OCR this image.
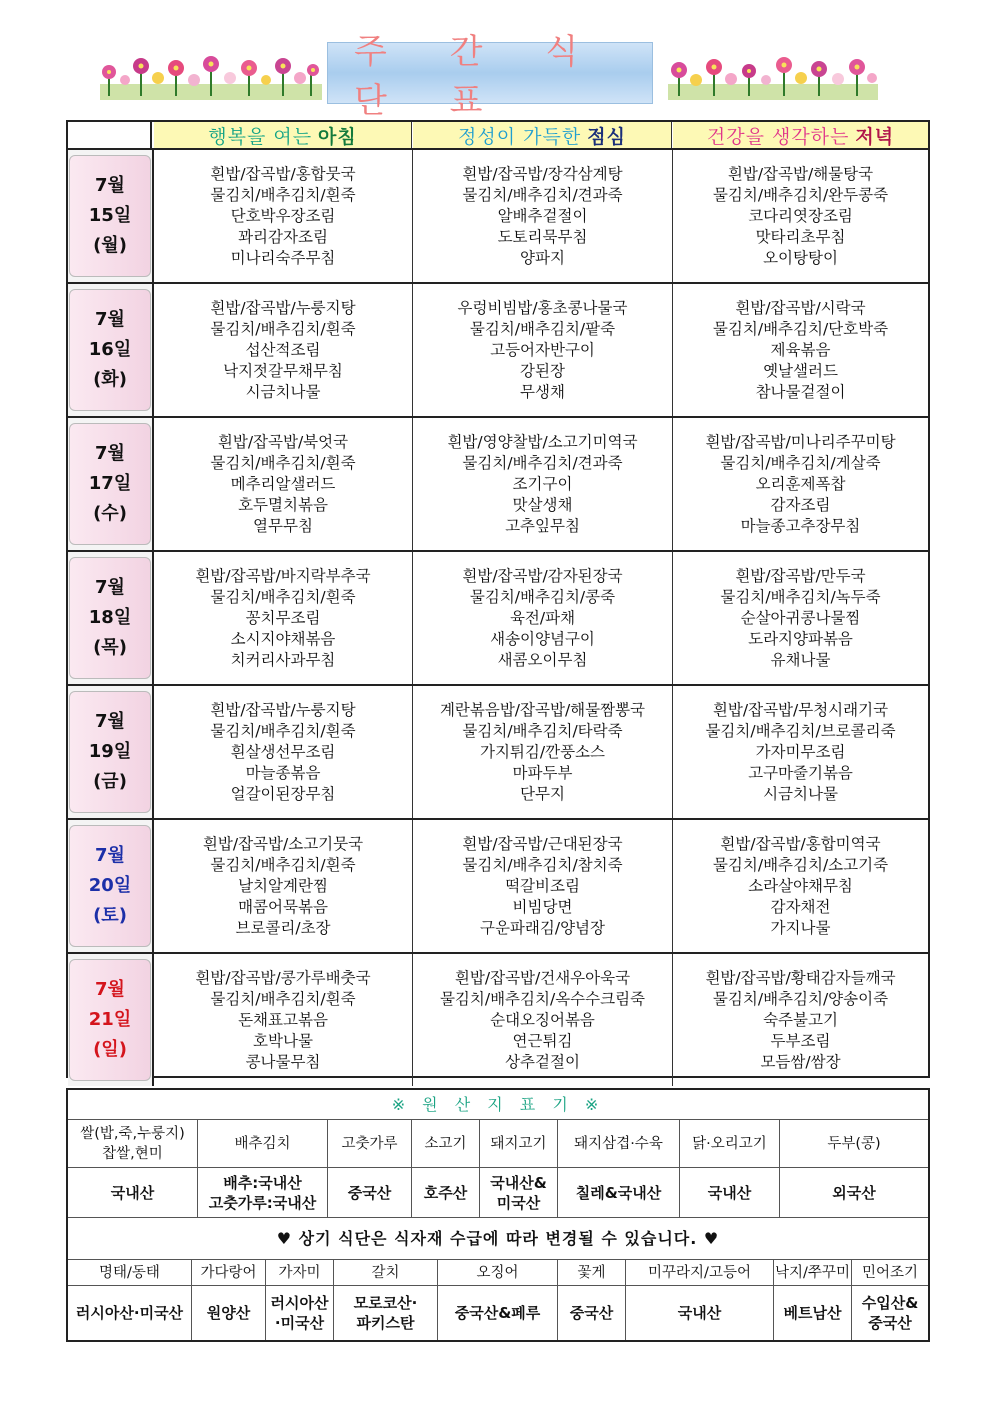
주 간 식 단 표
행복을 여는 아침	정성이 가득한 점심	건강을 생각하는 저녁
7월
15일
(월)
흰밥/잡곡밥/홍합뭇국
물김치/배추김치/흰죽
단호박우장조림
꽈리감자조림
미나리숙주무침
흰밥/잡곡밥/장각삼계탕
물김치/배추김치/견과죽
알배추겉절이
도토리묵무침
양파지
흰밥/잡곡밥/해물탕국
물김치/배추김치/완두콩죽
코다리엿장조림
맛타리초무침
오이탕탕이
7월
16일
(화)
흰밥/잡곡밥/누룽지탕
물김치/배추김치/흰죽
섭산적조림
낙지젓갈무채무침
시금치나물
우렁비빔밥/홍초콩나물국
물김치/배추김치/팥죽
고등어자반구이
강된장
무생채
흰밥/잡곡밥/시락국
물김치/배추김치/단호박죽
제육볶음
옛날샐러드
참나물겉절이
7월
17일
(수)
흰밥/잡곡밥/북엇국
물김치/배추김치/흰죽
메추리알샐러드
호두멸치볶음
열무무침
흰밥/영양찰밥/소고기미역국
물김치/배추김치/견과죽
조기구이
맛살생채
고추잎무침
흰밥/잡곡밥/미나리주꾸미탕
물김치/배추김치/게살죽
오리훈제폭찹
감자조림
마늘종고추장무침
7월
18일
(목)
흰밥/잡곡밥/바지락부추국
물김치/배추김치/흰죽
꽁치무조림
소시지야채볶음
치커리사과무침
흰밥/잡곡밥/감자된장국
물김치/배추김치/콩죽
육전/파채
새송이양념구이
새콤오이무침
흰밥/잡곡밥/만두국
물김치/배추김치/녹두죽
순살아귀콩나물찜
도라지양파볶음
유채나물
7월
19일
(금)
흰밥/잡곡밥/누룽지탕
물김치/배추김치/흰죽
흰살생선무조림
마늘종볶음
얼갈이된장무침
계란볶음밥/잡곡밥/해물짬뽕국
물김치/배추김치/타락죽
가지튀김/깐풍소스
마파두부
단무지
흰밥/잡곡밥/무청시래기국
물김치/배추김치/브로콜리죽
가자미무조림
고구마줄기볶음
시금치나물
7월
20일
(토)
흰밥/잡곡밥/소고기뭇국
물김치/배추김치/흰죽
날치알계란찜
매콤어묵볶음
브로콜리/초장
흰밥/잡곡밥/근대된장국
물김치/배추김치/참치죽
떡갈비조림
비빔당면
구운파래김/양념장
흰밥/잡곡밥/홍합미역국
물김치/배추김치/소고기죽
소라살야채무침
감자채전
가지나물
7월
21일
(일)
흰밥/잡곡밥/콩가루배춧국
물김치/배추김치/흰죽
돈채표고볶음
호박나물
콩나물무침
흰밥/잡곡밥/건새우아욱국
물김치/배추김치/옥수수크림죽
순대오징어볶음
연근튀김
상추겉절이
흰밥/잡곡밥/황태감자들깨국
물김치/배추김치/양송이죽
숙주불고기
두부조림
모듬쌈/쌈장
※ 원 산 지 표 기 ※
쌀(밥,죽,누룽지)
찹쌀,현미
국내산
배추김치
배추:국내산
고춧가루:국내산
고춧가루
중국산
소고기
호주산
돼지고기
국내산&
미국산
돼지삼겹·수육
칠레&국내산
닭·오리고기
국내산
두부(콩)
외국산
♥ 상기 식단은 식자재 수급에 따라 변경될 수 있습니다. ♥
명태/동태
러시아산·미국산
가다랑어
원양산
가자미
러시아산
·미국산
갈치
모로코산·
파키스탄
오징어
중국산&페루
꽃게
중국산
미꾸라지/고등어
국내산
낙지/쭈꾸미
베트남산
민어조기
수입산&
중국산
